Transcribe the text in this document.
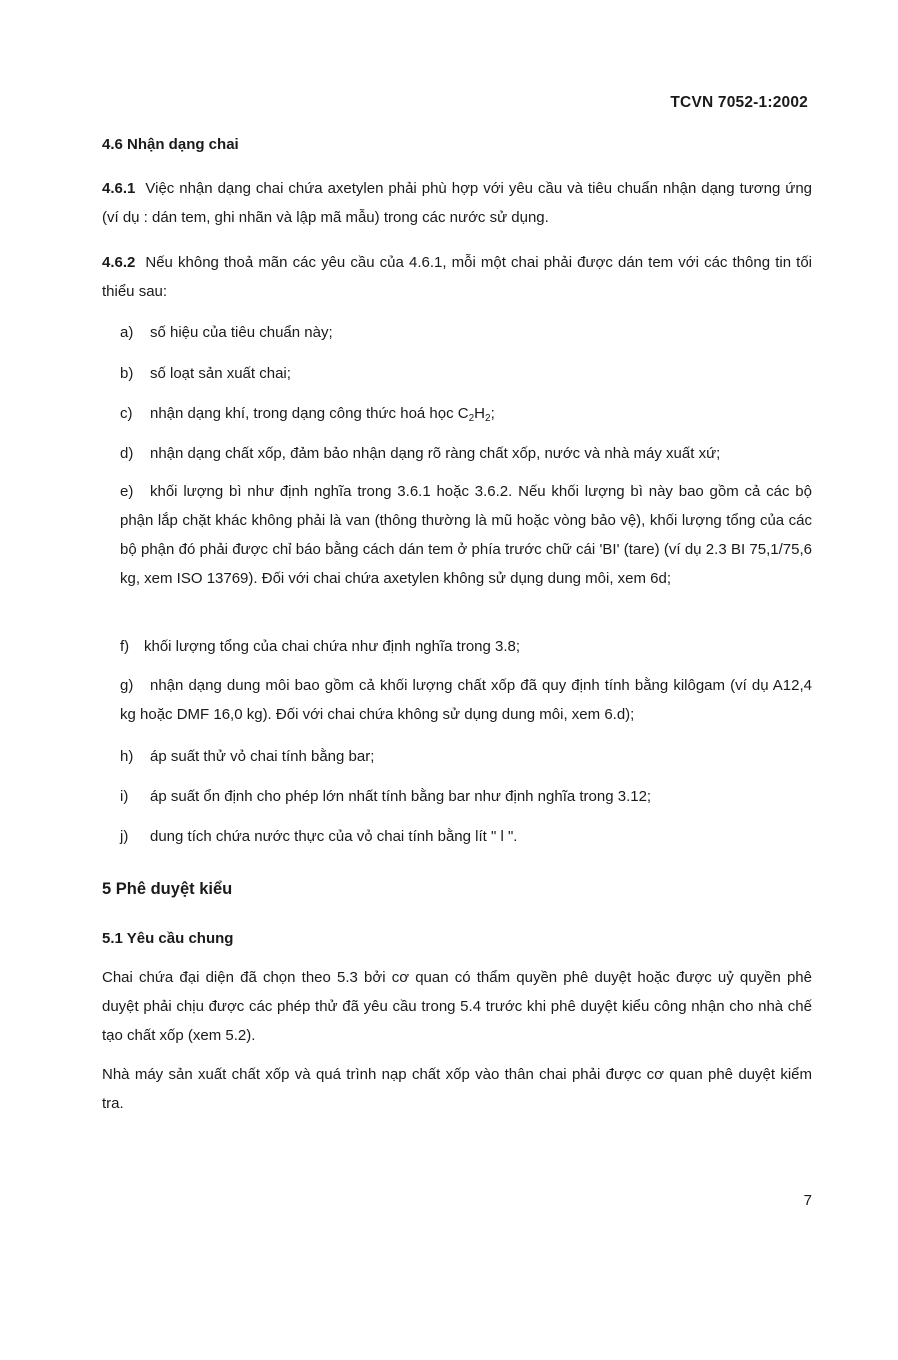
TCVN 7052-1:2002
4.6 Nhận dạng chai
4.6.1 Việc nhận dạng chai chứa axetylen phải phù hợp với yêu cầu và tiêu chuẩn nhận dạng tương ứng (ví dụ : dán tem, ghi nhãn và lập mã mẫu) trong các nước sử dụng.
4.6.2 Nếu không thoả mãn các yêu cầu của 4.6.1, mỗi một chai phải được dán tem với các thông tin tối thiểu sau:
a) số hiệu của tiêu chuẩn này;
b) số loạt sản xuất chai;
c) nhận dạng khí, trong dạng công thức hoá học $C_2H_2$;
d) nhận dạng chất xốp, đảm bảo nhận dạng rõ ràng chất xốp, nước và nhà máy xuất xứ;
e) khối lượng bì như định nghĩa trong 3.6.1 hoặc 3.6.2. Nếu khối lượng bì này bao gồm cả các bộ phận lắp chặt khác không phải là van (thông thường là mũ hoặc vòng bảo vệ), khối lượng tổng của các bộ phận đó phải được chỉ báo bằng cách dán tem ở phía trước chữ cái 'BI' (tare) (ví dụ 2.3 BI 75,1/75,6 kg, xem ISO 13769). Đối với chai chứa axetylen không sử dụng dung môi, xem 6d;
f) khối lượng tổng của chai chứa như định nghĩa trong 3.8;
g) nhận dạng dung môi bao gồm cả khối lượng chất xốp đã quy định tính bằng kilôgam (ví dụ A12,4 kg hoặc DMF 16,0 kg). Đối với chai chứa không sử dụng dung môi, xem 6.d);
h) áp suất thử vỏ chai tính bằng bar;
i) áp suất ổn định cho phép lớn nhất tính bằng bar như định nghĩa trong 3.12;
j) dung tích chứa nước thực của vỏ chai tính bằng lít " l ".
5 Phê duyệt kiểu
5.1 Yêu cầu chung
Chai chứa đại diện đã chọn theo 5.3 bởi cơ quan có thẩm quyền phê duyệt hoặc được uỷ quyền phê duyệt phải chịu được các phép thử đã yêu cầu trong 5.4 trước khi phê duyệt kiểu công nhận cho nhà chế tạo chất xốp (xem 5.2).
Nhà máy sản xuất chất xốp và quá trình nạp chất xốp vào thân chai phải được cơ quan phê duyệt kiểm tra.
7
